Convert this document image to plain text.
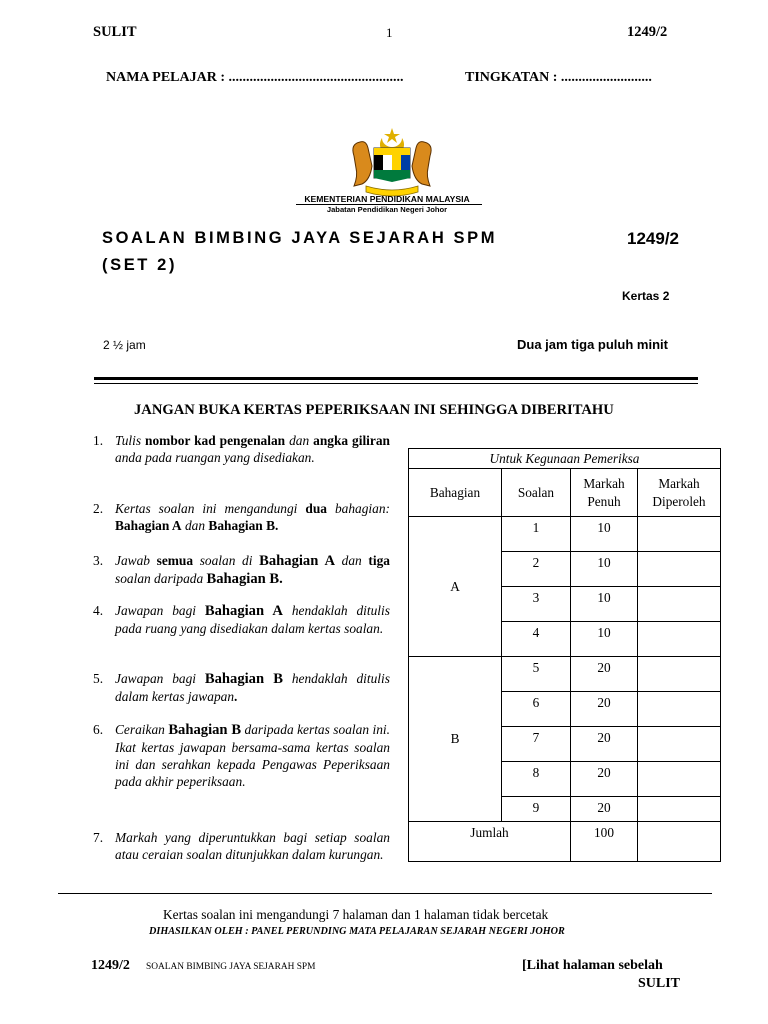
SULIT	1	1249/2
NAMA PELAJAR : ..................................................	TINGKATAN : ..........................
KEMENTERIAN PENDIDIKAN MALAYSIA
Jabatan Pendidikan Negeri Johor
SOALAN BIMBING JAYA SEJARAH SPM
(SET 2)
1249/2
Kertas 2
2 ½ jam	Dua jam tiga puluh minit
JANGAN BUKA KERTAS PEPERIKSAAN INI SEHINGGA DIBERITAHU
1. Tulis nombor kad pengenalan dan angka giliran anda pada ruangan yang disediakan.
2. Kertas soalan ini mengandungi dua bahagian: Bahagian A dan Bahagian B.
3. Jawab semua soalan di Bahagian A dan tiga soalan daripada Bahagian B.
4. Jawapan bagi Bahagian A hendaklah ditulis pada ruang yang disediakan dalam kertas soalan.
5. Jawapan bagi Bahagian B hendaklah ditulis dalam kertas jawapan.
6. Ceraikan Bahagian B daripada kertas soalan ini. Ikat kertas jawapan bersama-sama kertas soalan ini dan serahkan kepada Pengawas Peperiksaan pada akhir peperiksaan.
7. Markah yang diperuntukkan bagi setiap soalan atau ceraian soalan ditunjukkan dalam kurungan.
Untuk Kegunaan Pemeriksa			
Bahagian	Soalan	Markah Penuh	Markah Diperoleh
A	1	10	
	2	10	
	3	10	
	4	10	
B	5	20	
	6	20	
	7	20	
	8	20	
	9	20	
Jumlah		100	
Kertas soalan ini mengandungi 7 halaman dan 1 halaman tidak bercetak
DIHASILKAN OLEH : PANEL PERUNDING MATA PELAJARAN SEJARAH NEGERI JOHOR
1249/2 SOALAN BIMBING JAYA SEJARAH SPM	[Lihat halaman sebelah
SULIT
